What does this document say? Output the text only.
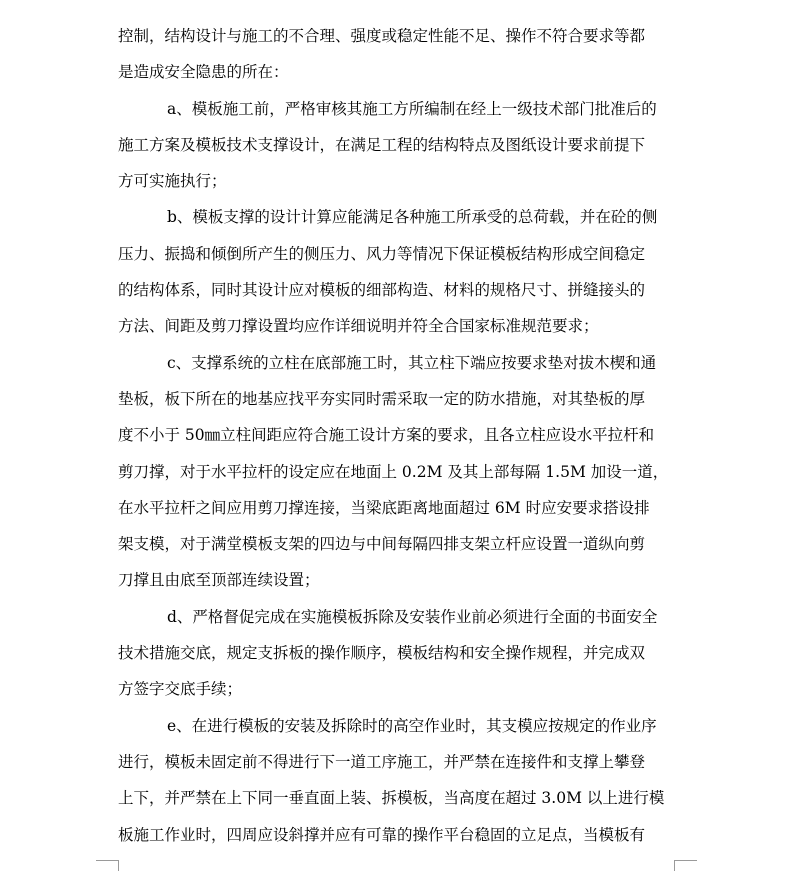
控制，结构设计与施工的不合理、强度或稳定性能不足、操作不符合要求等都
是造成安全隐患的所在：
a、模板施工前，严格审核其施工方所编制在经上一级技术部门批准后的
施工方案及模板技术支撑设计，在满足工程的结构特点及图纸设计要求前提下
方可实施执行；
b、模板支撑的设计计算应能满足各种施工所承受的总荷载，并在砼的侧
压力、振捣和倾倒所产生的侧压力、风力等情况下保证模板结构形成空间稳定
的结构体系，同时其设计应对模板的细部构造、材料的规格尺寸、拼缝接头的
方法、间距及剪刀撑设置均应作详细说明并符全合国家标准规范要求；
c、支撑系统的立柱在底部施工时，其立柱下端应按要求垫对拔木楔和通
垫板，板下所在的地基应找平夯实同时需采取一定的防水措施，对其垫板的厚
度不小于 50㎜立柱间距应符合施工设计方案的要求，且各立柱应设水平拉杆和
剪刀撑，对于水平拉杆的设定应在地面上 0.2M 及其上部每隔 1.5M 加设一道，
在水平拉杆之间应用剪刀撑连接，当梁底距离地面超过 6M 时应安要求搭设排
架支模，对于满堂模板支架的四边与中间每隔四排支架立杆应设置一道纵向剪
刀撑且由底至顶部连续设置；
d、严格督促完成在实施模板拆除及安装作业前必须进行全面的书面安全
技术措施交底，规定支拆板的操作顺序，模板结构和安全操作规程，并完成双
方签字交底手续；
e、在进行模板的安装及拆除时的高空作业时，其支模应按规定的作业序
进行，模板未固定前不得进行下一道工序施工，并严禁在连接件和支撑上攀登
上下，并严禁在上下同一垂直面上装、拆模板，当高度在超过 3.0M 以上进行模
板施工作业时，四周应设斜撑并应有可靠的操作平台稳固的立足点，当模板有
